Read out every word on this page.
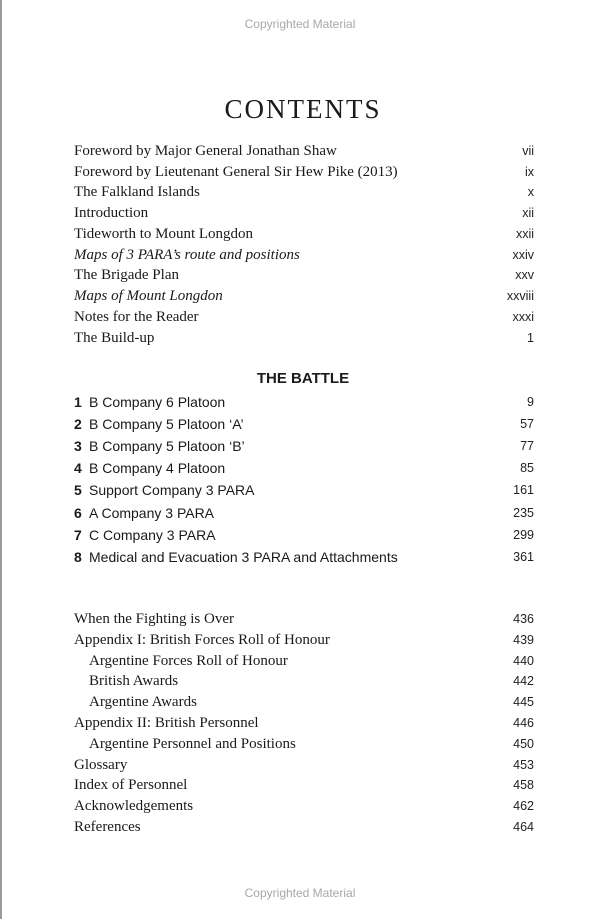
Copyrighted Material
CONTENTS
Foreword by Major General Jonathan Shaw	vii
Foreword by Lieutenant General Sir Hew Pike (2013)	ix
The Falkland Islands	x
Introduction	xii
Tideworth to Mount Longdon	xxii
Maps of 3 PARA’s route and positions	xxiv
The Brigade Plan	xxv
Maps of Mount Longdon	xxviii
Notes for the Reader	xxxi
The Build-up	1
THE BATTLE
1 B Company 6 Platoon	9
2 B Company 5 Platoon ‘A’	57
3 B Company 5 Platoon ‘B’	77
4 B Company 4 Platoon	85
5 Support Company 3 PARA	161
6 A Company 3 PARA	235
7 C Company 3 PARA	299
8 Medical and Evacuation 3 PARA and Attachments	361
When the Fighting is Over	436
Appendix I: British Forces Roll of Honour	439
Argentine Forces Roll of Honour	440
British Awards	442
Argentine Awards	445
Appendix II: British Personnel	446
Argentine Personnel and Positions	450
Glossary	453
Index of Personnel	458
Acknowledgements	462
References	464
Copyrighted Material
